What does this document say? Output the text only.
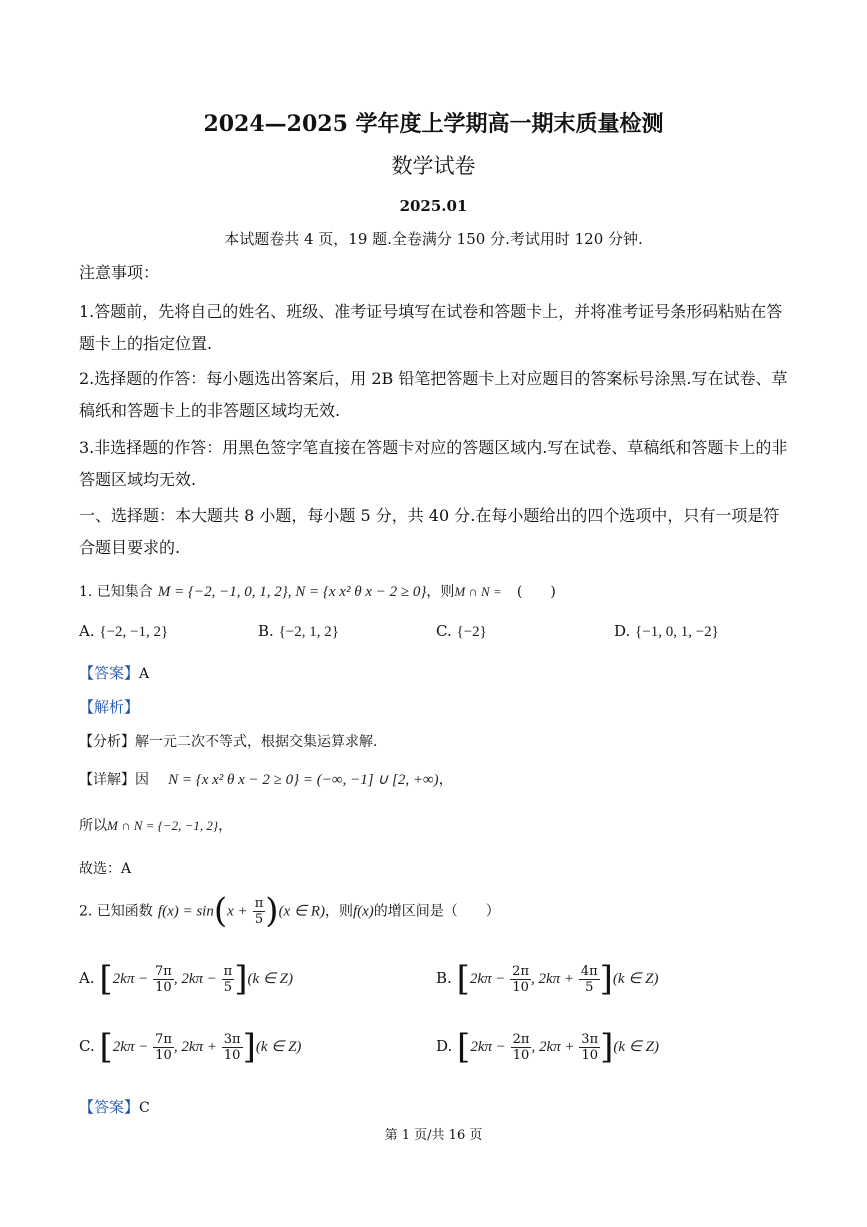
2024—2025 学年度上学期高一期末质量检测
数学试卷
2025.01
本试题卷共 4 页，19 题.全卷满分 150 分.考试用时 120 分钟.
注意事项：
1.答题前，先将自己的姓名、班级、准考证号填写在试卷和答题卡上，并将准考证号条形码粘贴在答题卡上的指定位置.
2.选择题的作答：每小题选出答案后，用 2B 铅笔把答题卡上对应题目的答案标号涂黑.写在试卷、草稿纸和答题卡上的非答题区域均无效.
3.非选择题的作答：用黑色签字笔直接在答题卡对应的答题区域内.写在试卷、草稿纸和答题卡上的非答题区域均无效.
一、选择题：本大题共 8 小题，每小题 5 分，共 40 分.在每小题给出的四个选项中，只有一项是符合题目要求的.
1. 已知集合 M = {−2, −1, 0, 1, 2}, N = {x x² θ x − 2 ≥ 0}，则M ∩ N = (　　)
A. {−2, −1, 2}	B. {−2, 1, 2}	C. {−2}	D. {−1, 0, 1, −2}
【答案】A
【解析】
【分析】解一元二次不等式，根据交集运算求解.
【详解】因 N = {x x² θ x − 2 ≥ 0} = (−∞, −1] ∪ [2, +∞)，
所以M ∩ N = {−2, −1, 2}，
故选：A
2. 已知函数 $f(x) = \sin(x + \frac{\pi}{5} )(x$ ∈ R)，则f(x)的增区间是（　　）
A. [$2k\pi - \frac{7\pi}{10}$ , $2k\pi - \frac{\pi}{5} ](k$ ∈ Z)	B. [$2k\pi - \frac{2\pi}{10}$ , $2k\pi + \frac{4\pi}{5} ](k$ ∈ Z)
C. [$2k\pi - \frac{7\pi}{10}$ , $2k\pi + \frac{3\pi}{10} ](k$ ∈ Z)	D. [$2k\pi - \frac{2\pi}{10}$ , $2k\pi + \frac{3\pi}{10} ](k$ ∈ Z)
【答案】C
第 1 页/共 16 页
